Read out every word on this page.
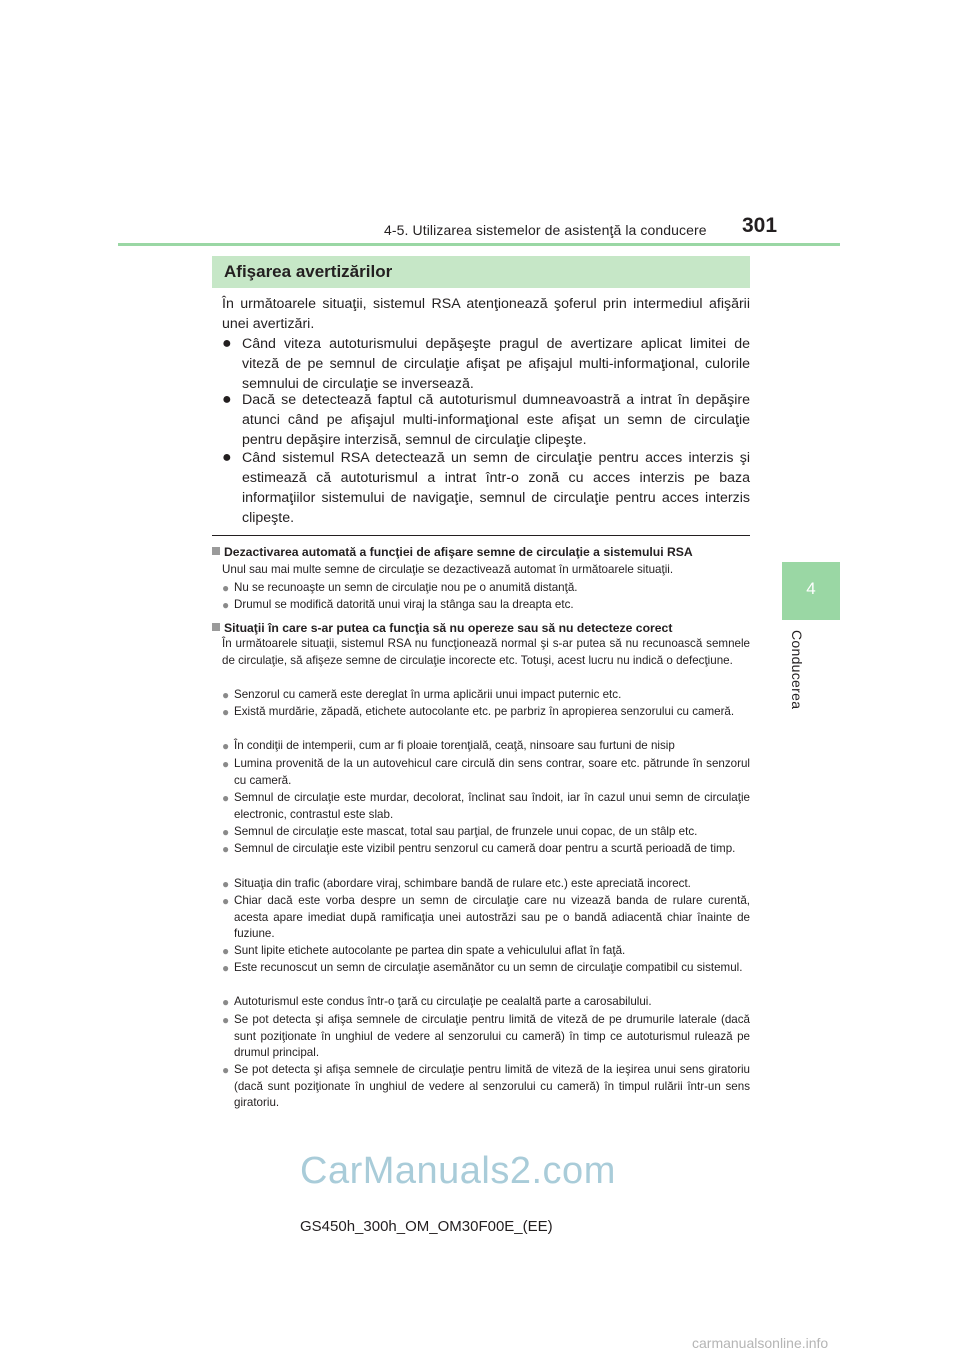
4-5. Utilizarea sistemelor de asistenţă la conducere 301
4
Conducerea
Afişarea avertizărilor
În următoarele situaţii, sistemul RSA atenţionează şoferul prin intermediul afişării unei avertizări.
● Când viteza autoturismului depăşeşte pragul de avertizare aplicat limitei de viteză de pe semnul de circulaţie afişat pe afişajul multi-informaţional, culorile semnului de circulaţie se inversează.
● Dacă se detectează faptul că autoturismul dumneavoastră a intrat în depăşire atunci când pe afişajul multi-informaţional este afişat un semn de circulaţie pentru depăşire interzisă, semnul de circulaţie clipeşte.
● Când sistemul RSA detectează un semn de circulaţie pentru acces interzis şi estimează că autoturismul a intrat într-o zonă cu acces interzis pe baza informaţiilor sistemului de navigaţie, semnul de circulaţie pentru acces interzis clipeşte.
Dezactivarea automată a funcţiei de afişare semne de circulaţie a sistemului RSA
Unul sau mai multe semne de circulaţie se dezactivează automat în următoarele situaţii.
● Nu se recunoaşte un semn de circulaţie nou pe o anumită distanţă.
● Drumul se modifică datorită unui viraj la stânga sau la dreapta etc.
Situaţii în care s-ar putea ca funcţia să nu opereze sau să nu detecteze corect
În următoarele situaţii, sistemul RSA nu funcţionează normal şi s-ar putea să nu recunoască semnele de circulaţie, să afişeze semne de circulaţie incorecte etc. Totuşi, acest lucru nu indică o defecţiune.
● Senzorul cu cameră este dereglat în urma aplicării unui impact puternic etc.
● Există murdărie, zăpadă, etichete autocolante etc. pe parbriz în apropierea senzorului cu cameră.
● În condiţii de intemperii, cum ar fi ploaie torenţială, ceaţă, ninsoare sau furtuni de nisip
● Lumina provenită de la un autovehicul care circulă din sens contrar, soare etc. pătrunde în senzorul cu cameră.
● Semnul de circulaţie este murdar, decolorat, înclinat sau îndoit, iar în cazul unui semn de circulaţie electronic, contrastul este slab.
● Semnul de circulaţie este mascat, total sau parţial, de frunzele unui copac, de un stâlp etc.
● Semnul de circulaţie este vizibil pentru senzorul cu cameră doar pentru a scurtă perioadă de timp.
● Situaţia din trafic (abordare viraj, schimbare bandă de rulare etc.) este apreciată incorect.
● Chiar dacă este vorba despre un semn de circulaţie care nu vizează banda de rulare curentă, acesta apare imediat după ramificaţia unei autostrăzi sau pe o bandă adiacentă chiar înainte de fuziune.
● Sunt lipite etichete autocolante pe partea din spate a vehiculului aflat în faţă.
● Este recunoscut un semn de circulaţie asemănător cu un semn de circulaţie compatibil cu sistemul.
● Autoturismul este condus într-o ţară cu circulaţie pe cealaltă parte a carosabilului.
● Se pot detecta şi afişa semnele de circulaţie pentru limită de viteză de pe drumurile laterale (dacă sunt poziţionate în unghiul de vedere al senzorului cu cameră) în timp ce autoturismul rulează pe drumul principal.
● Se pot detecta şi afişa semnele de circulaţie pentru limită de viteză de la ieşirea unui sens giratoriu (dacă sunt poziţionate în unghiul de vedere al senzorului cu cameră) în timpul rulării într-un sens giratoriu.
CarManuals2.com
GS450h_300h_OM_OM30F00E_(EE)
carmanualsonline.info
